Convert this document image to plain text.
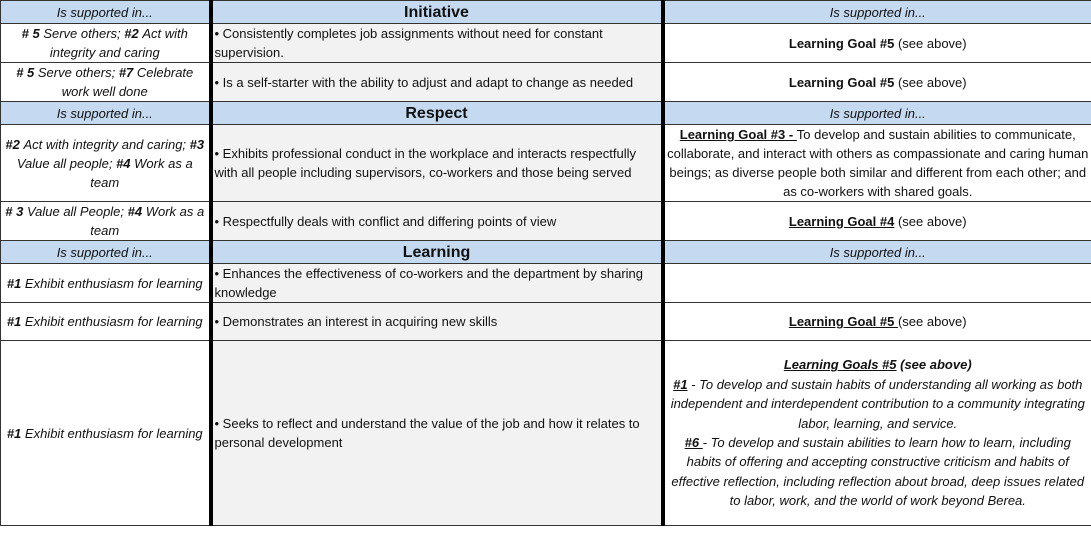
Is supported in...	Initiative	Is supported in...
# 5 Serve others; #2 Act with integrity and caring	• Consistently completes job assignments without need for constant supervision.	Learning Goal #5 (see above)
# 5 Serve others; #7 Celebrate work well done	• Is a self-starter with the ability to adjust and adapt to change as needed	Learning Goal #5 (see above)
Is supported in...	Respect	Is supported in...
#2 Act with integrity and caring; #3 Value all people; #4 Work as a team	• Exhibits professional conduct in the workplace and interacts respectfully with all people including supervisors, co-workers and those being served	Learning Goal #3 - To develop and sustain abilities to communicate, collaborate, and interact with others as compassionate and caring human beings; as diverse people both similar and different from each other; and as co-workers with shared goals.
# 3 Value all People; #4 Work as a team	• Respectfully deals with conflict and differing points of view	Learning Goal #4 (see above)
Is supported in...	Learning	Is supported in...
#1 Exhibit enthusiasm for learning	• Enhances the effectiveness of co-workers and the department by sharing knowledge	
#1 Exhibit enthusiasm for learning	• Demonstrates an interest in acquiring new skills	Learning Goal #5 (see above)
#1 Exhibit enthusiasm for learning	• Seeks to reflect and understand the value of the job and how it relates to personal development	Learning Goals #5 (see above)
#1 - To develop and sustain habits of understanding all working as both independent and interdependent contribution to a community integrating labor, learning, and service.
#6 - To develop and sustain abilities to learn how to learn, including habits of offering and accepting constructive criticism and habits of effective reflection, including reflection about broad, deep issues related to labor, work, and the world of work beyond Berea.
